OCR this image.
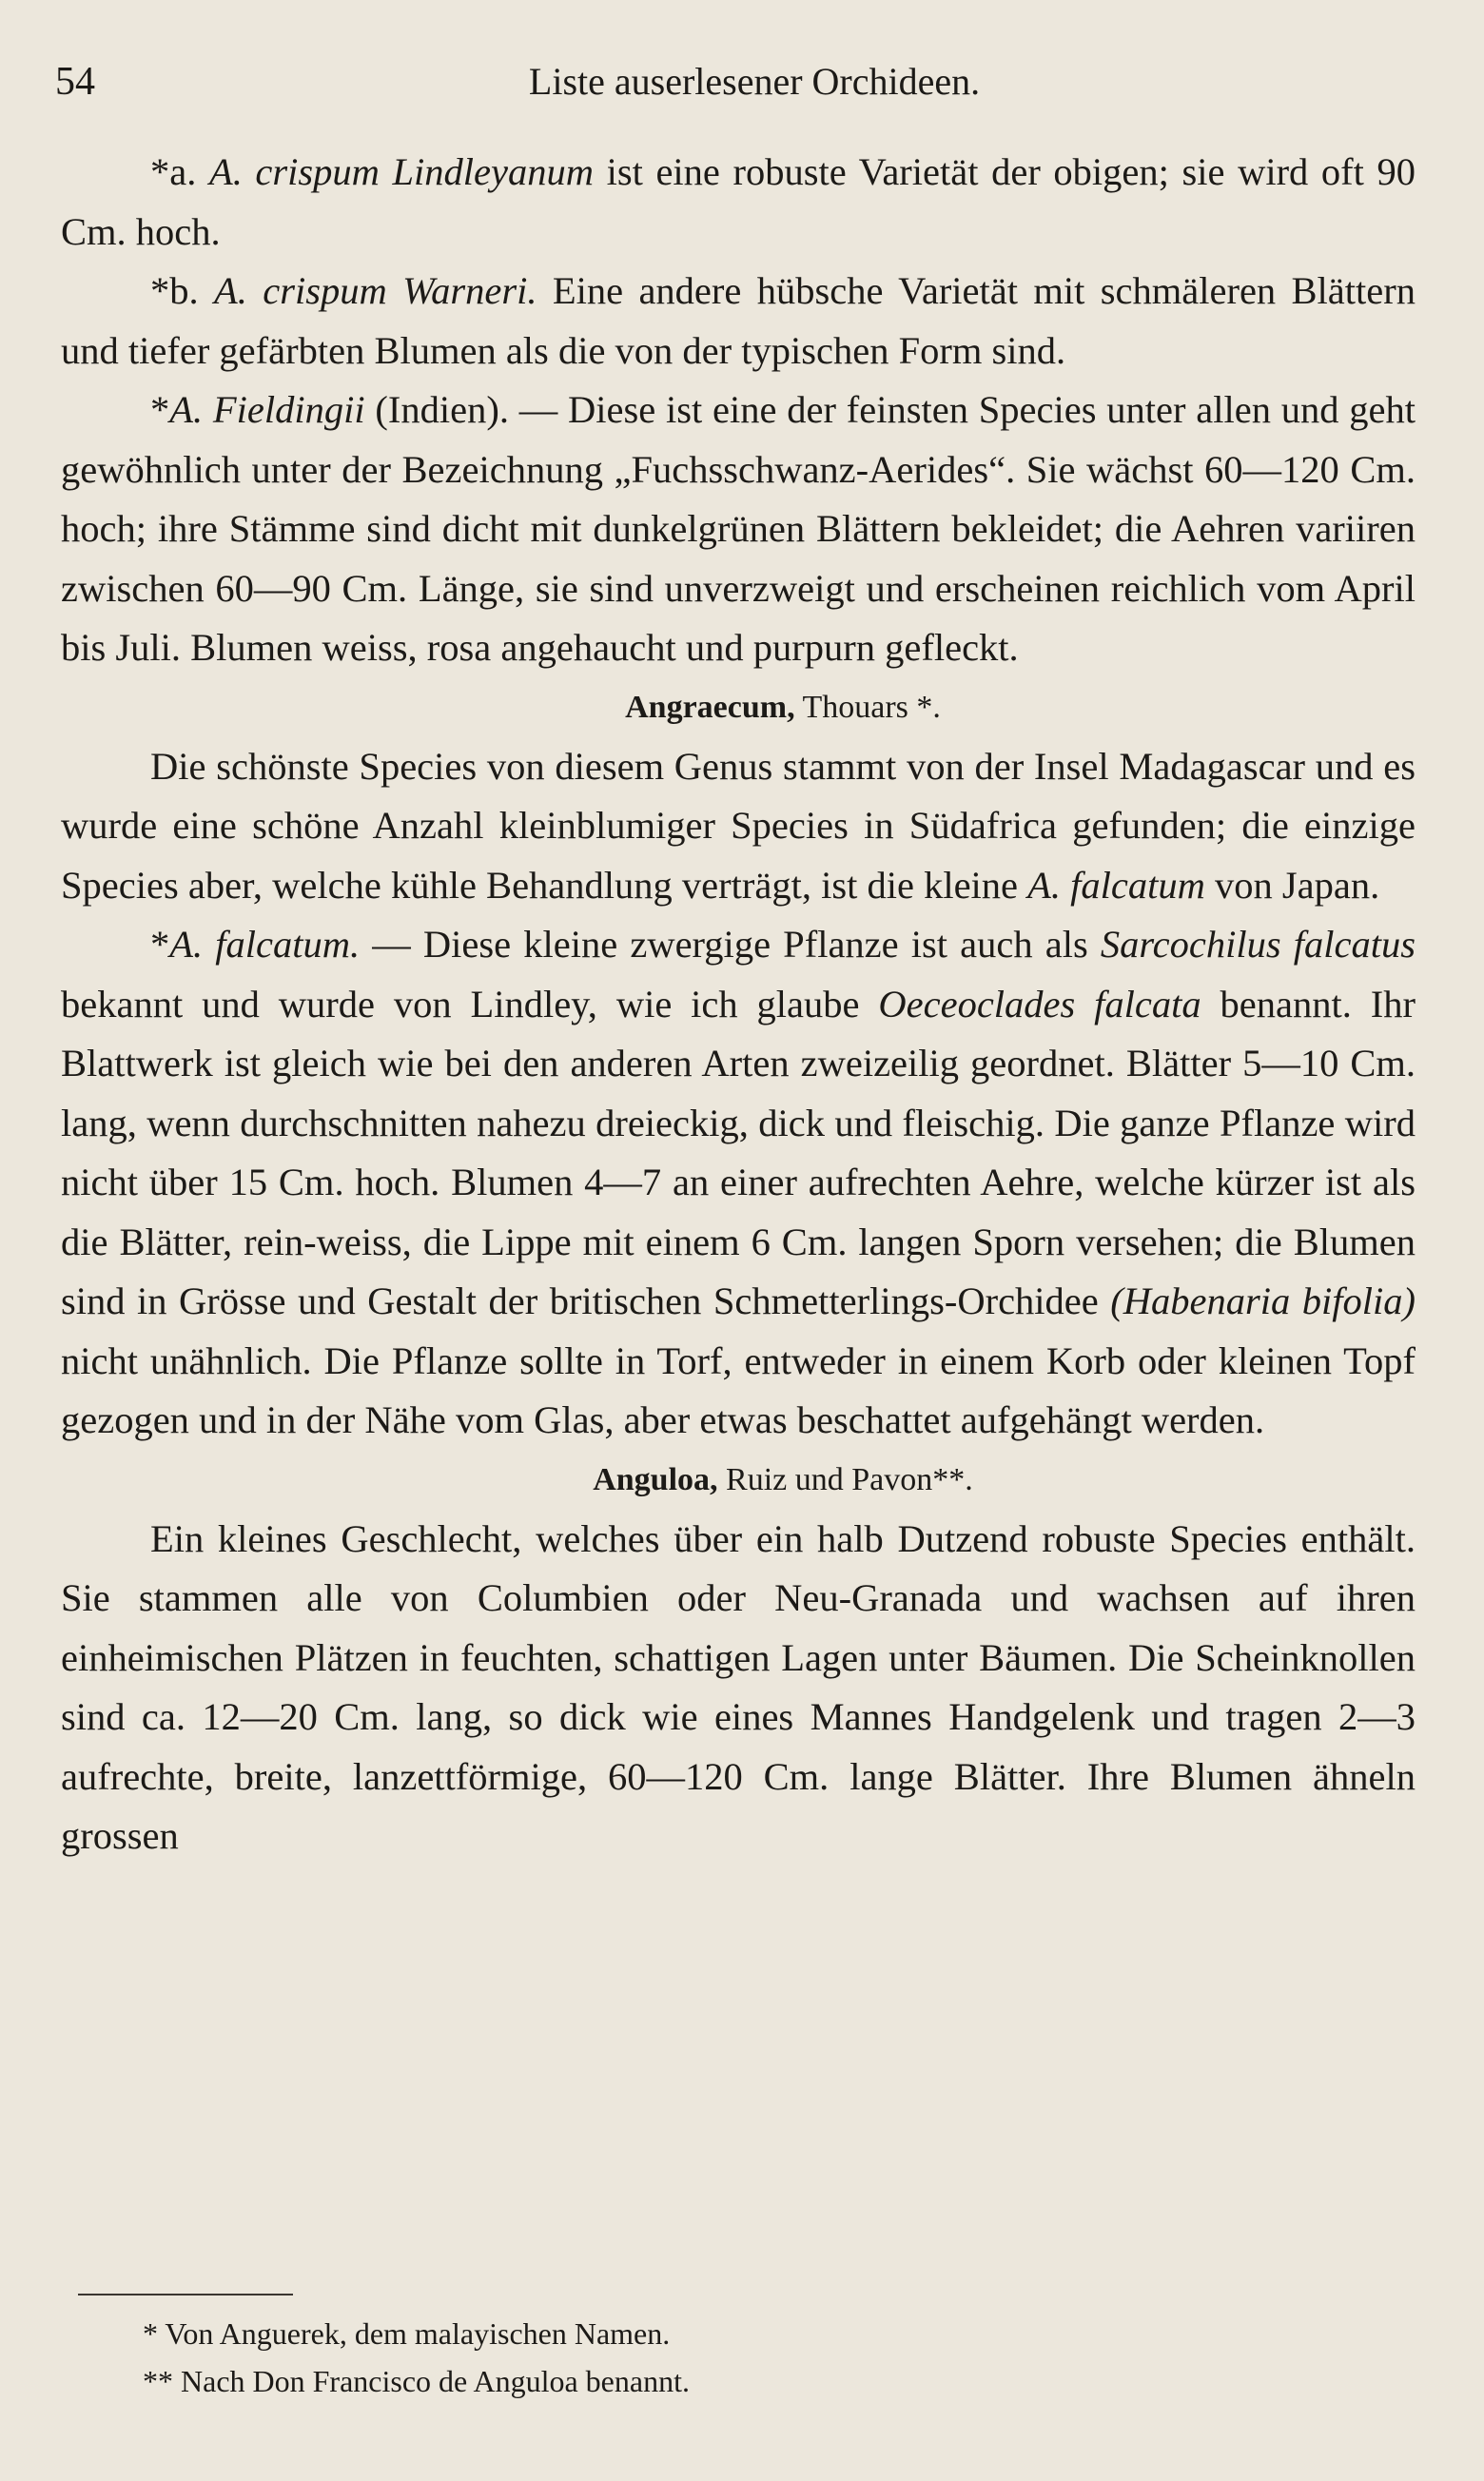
54	Liste auserlesener Orchideen.

*a. A. crispum Lindleyanum ist eine robuste Varietät der obigen; sie wird oft 90 Cm. hoch.

*b. A. crispum Warneri. Eine andere hübsche Varietät mit schmäleren Blättern und tiefer gefärbten Blumen als die von der typischen Form sind.

*A. Fieldingii (Indien). — Diese ist eine der feinsten Species unter allen und geht gewöhnlich unter der Bezeichnung „Fuchsschwanz-Aerides“. Sie wächst 60—120 Cm. hoch; ihre Stämme sind dicht mit dunkelgrünen Blättern bekleidet; die Aehren variiren zwischen 60—90 Cm. Länge, sie sind unverzweigt und erscheinen reichlich vom April bis Juli. Blumen weiss, rosa angehaucht und purpurn gefleckt.

Angraecum, Thouars *.

Die schönste Species von diesem Genus stammt von der Insel Madagascar und es wurde eine schöne Anzahl kleinblumiger Species in Südafrica gefunden; die einzige Species aber, welche kühle Behandlung verträgt, ist die kleine A. falcatum von Japan.

*A. falcatum. — Diese kleine zwergige Pflanze ist auch als Sarcochilus falcatus bekannt und wurde von Lindley, wie ich glaube Oeceoclades falcata benannt. Ihr Blattwerk ist gleich wie bei den anderen Arten zweizeilig geordnet. Blätter 5—10 Cm. lang, wenn durchschnitten nahezu dreieckig, dick und fleischig. Die ganze Pflanze wird nicht über 15 Cm. hoch. Blumen 4—7 an einer aufrechten Aehre, welche kürzer ist als die Blätter, rein-weiss, die Lippe mit einem 6 Cm. langen Sporn versehen; die Blumen sind in Grösse und Gestalt der britischen Schmetterlings-Orchidee (Habenaria bifolia) nicht unähnlich. Die Pflanze sollte in Torf, entweder in einem Korb oder kleinen Topf gezogen und in der Nähe vom Glas, aber etwas beschattet aufgehängt werden.

Anguloa, Ruiz und Pavon**.

Ein kleines Geschlecht, welches über ein halb Dutzend robuste Species enthält. Sie stammen alle von Columbien oder Neu-Granada und wachsen auf ihren einheimischen Plätzen in feuchten, schattigen Lagen unter Bäumen. Die Scheinknollen sind ca. 12—20 Cm. lang, so dick wie eines Mannes Handgelenk und tragen 2—3 aufrechte, breite, lanzettförmige, 60—120 Cm. lange Blätter. Ihre Blumen ähneln grossen

* Von Anguerek, dem malayischen Namen.
** Nach Don Francisco de Anguloa benannt.
